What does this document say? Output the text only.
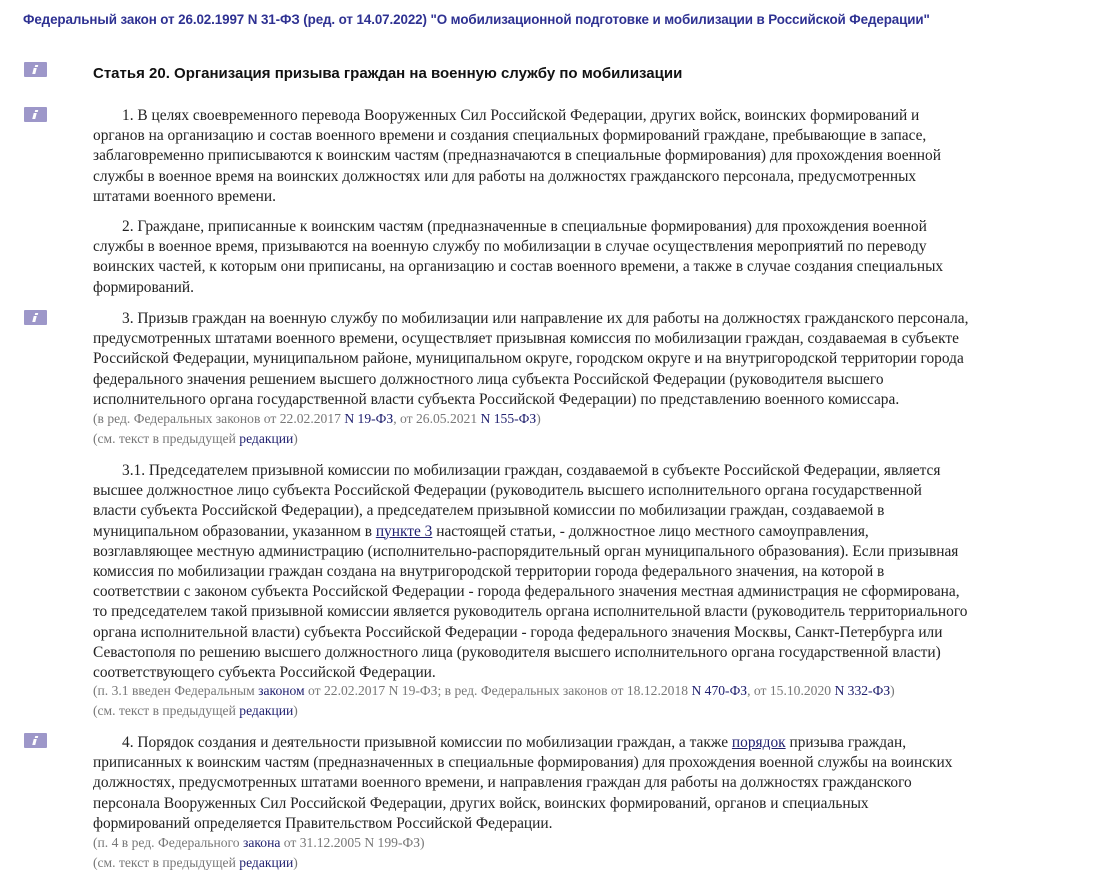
Федеральный закон от 26.02.1997 N 31-ФЗ (ред. от 14.07.2022) "О мобилизационной подготовке и мобилизации в Российской Федерации"
Статья 20. Организация призыва граждан на военную службу по мобилизации
1. В целях своевременного перевода Вооруженных Сил Российской Федерации, других войск, воинских формирований и
органов на организацию и состав военного времени и создания специальных формирований граждане, пребывающие в запасе,
заблаговременно приписываются к воинским частям (предназначаются в специальные формирования) для прохождения военной
службы в военное время на воинских должностях или для работы на должностях гражданского персонала, предусмотренных
штатами военного времени.
2. Граждане, приписанные к воинским частям (предназначенные в специальные формирования) для прохождения военной
службы в военное время, призываются на военную службу по мобилизации в случае осуществления мероприятий по переводу
воинских частей, к которым они приписаны, на организацию и состав военного времени, а также в случае создания специальных
формирований.
3. Призыв граждан на военную службу по мобилизации или направление их для работы на должностях гражданского персонала,
предусмотренных штатами военного времени, осуществляет призывная комиссия по мобилизации граждан, создаваемая в субъекте
Российской Федерации, муниципальном районе, муниципальном округе, городском округе и на внутригородской территории города
федерального значения решением высшего должностного лица субъекта Российской Федерации (руководителя высшего
исполнительного органа государственной власти субъекта Российской Федерации) по представлению военного комиссара.
(в ред. Федеральных законов от 22.02.2017 N 19-ФЗ, от 26.05.2021 N 155-ФЗ)
(см. текст в предыдущей редакции)
3.1. Председателем призывной комиссии по мобилизации граждан, создаваемой в субъекте Российской Федерации, является
высшее должностное лицо субъекта Российской Федерации (руководитель высшего исполнительного органа государственной
власти субъекта Российской Федерации), а председателем призывной комиссии по мобилизации граждан, создаваемой в
муниципальном образовании, указанном в пункте 3 настоящей статьи, - должностное лицо местного самоуправления,
возглавляющее местную администрацию (исполнительно-распорядительный орган муниципального образования). Если призывная
комиссия по мобилизации граждан создана на внутригородской территории города федерального значения, на которой в
соответствии с законом субъекта Российской Федерации - города федерального значения местная администрация не сформирована,
то председателем такой призывной комиссии является руководитель органа исполнительной власти (руководитель территориального
органа исполнительной власти) субъекта Российской Федерации - города федерального значения Москвы, Санкт-Петербурга или
Севастополя по решению высшего должностного лица (руководителя высшего исполнительного органа государственной власти)
соответствующего субъекта Российской Федерации.
(п. 3.1 введен Федеральным законом от 22.02.2017 N 19-ФЗ; в ред. Федеральных законов от 18.12.2018 N 470-ФЗ, от 15.10.2020 N 332-ФЗ)
(см. текст в предыдущей редакции)
4. Порядок создания и деятельности призывной комиссии по мобилизации граждан, а также порядок призыва граждан,
приписанных к воинским частям (предназначенных в специальные формирования) для прохождения военной службы на воинских
должностях, предусмотренных штатами военного времени, и направления граждан для работы на должностях гражданского
персонала Вооруженных Сил Российской Федерации, других войск, воинских формирований, органов и специальных
формирований определяется Правительством Российской Федерации.
(п. 4 в ред. Федерального закона от 31.12.2005 N 199-ФЗ)
(см. текст в предыдущей редакции)
